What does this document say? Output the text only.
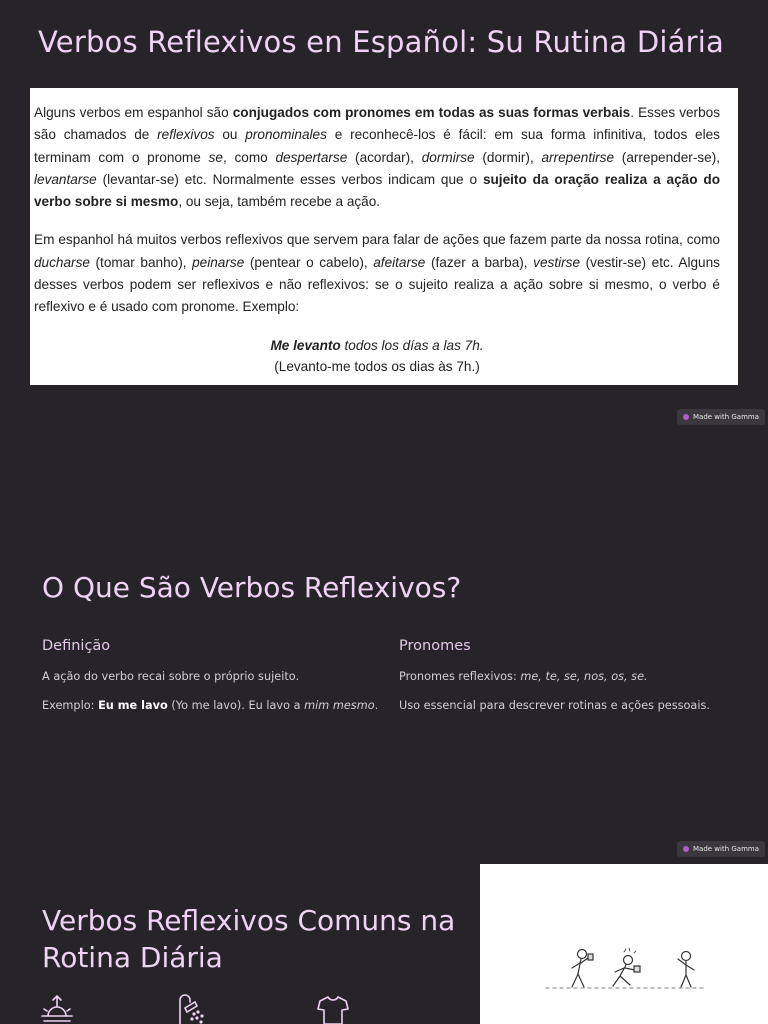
Verbos Reflexivos en Español: Su Rutina Diária

Alguns verbos em espanhol são conjugados com pronomes em todas as suas formas verbais. Esses verbos são chamados de reflexivos ou pronominales e reconhecê-los é fácil: em sua forma infinitiva, todos eles terminam com o pronome se, como despertarse (acordar), dormirse (dormir), arrepentirse (arrepender-se), levantarse (levantar-se) etc. Normalmente esses verbos indicam que o sujeito da oração realiza a ação do verbo sobre si mesmo, ou seja, também recebe a ação.

Em espanhol há muitos verbos reflexivos que servem para falar de ações que fazem parte da nossa rotina, como ducharse (tomar banho), peinarse (pentear o cabelo), afeitarse (fazer a barba), vestirse (vestir-se) etc. Alguns desses verbos podem ser reflexivos e não reflexivos: se o sujeito realiza a ação sobre si mesmo, o verbo é reflexivo e é usado com pronome. Exemplo:

Me levanto todos los días a las 7h.
(Levanto-me todos os dias às 7h.)

Made with Gamma
O Que São Verbos Reflexivos?
Definição
A ação do verbo recai sobre o próprio sujeito.
Exemplo: Eu me lavo (Yo me lavo). Eu lavo a mim mesmo.
Pronomes
Pronomes reflexivos: me, te, se, nos, os, se.
Uso essencial para descrever rotinas e ações pessoais.
Made with Gamma
Verbos Reflexivos Comuns na Rotina Diária
